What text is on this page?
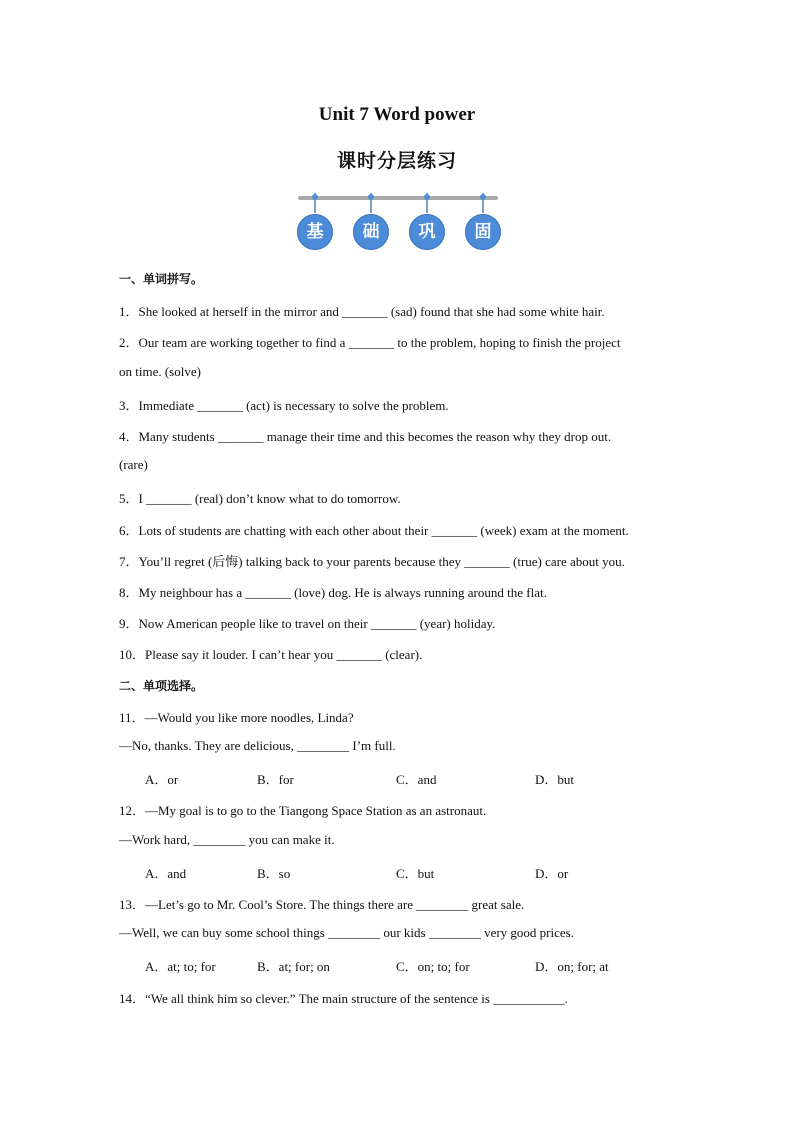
Unit 7 Word power
课时分层练习
基	础	巩	固
一、单词拼写。
1．She looked at herself in the mirror and _______ (sad) found that she had some white hair.
2．Our team are working together to find a _______ to the problem, hoping to finish the project
on time. (solve)
3．Immediate _______ (act) is necessary to solve the problem.
4．Many students _______ manage their time and this becomes the reason why they drop out.
(rare)
5．I _______ (real) don’t know what to do tomorrow.
6．Lots of students are chatting with each other about their _______ (week) exam at the moment.
7．You’ll regret (后悔) talking back to your parents because they _______ (true) care about you.
8．My neighbour has a _______ (love) dog. He is always running around the flat.
9．Now American people like to travel on their _______ (year) holiday.
10．Please say it louder. I can’t hear you _______ (clear).
二、单项选择。
11．—Would you like more noodles, Linda?
—No, thanks. They are delicious, ________ I’m full.
A．or	B．for	C．and	D．but
12．—My goal is to go to the Tiangong Space Station as an astronaut.
—Work hard, ________ you can make it.
A．and	B．so	C．but	D．or
13．—Let’s go to Mr. Cool’s Store. The things there are ________ great sale.
—Well, we can buy some school things ________ our kids ________ very good prices.
A．at; to; for	B．at; for; on	C．on; to; for	D．on; for; at
14．“We all think him so clever.” The main structure of the sentence is ___________.
